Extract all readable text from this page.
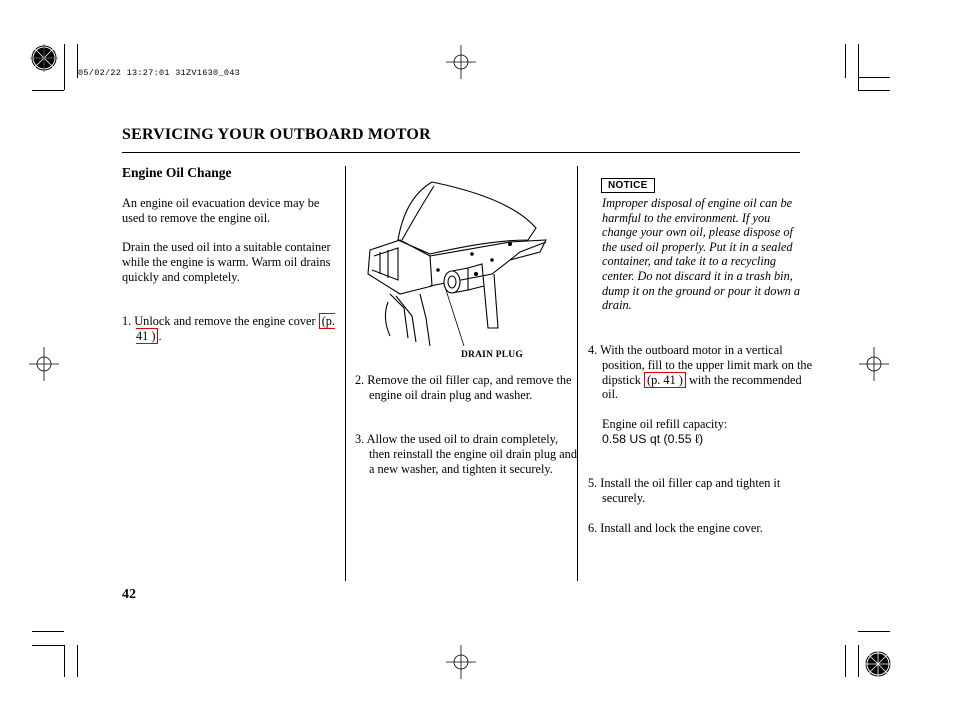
05/02/22 13:27:01 31ZV1630_043
SERVICING YOUR OUTBOARD MOTOR
Engine Oil Change
An engine oil evacuation device may be used to remove the engine oil.
Drain the used oil into a suitable container while the engine is warm. Warm oil drains quickly and completely.
1. Unlock and remove the engine cover (p. 41 ) .
DRAIN PLUG
2. Remove the oil filler cap, and remove the engine oil drain plug and washer.
3. Allow the used oil to drain completely, then reinstall the engine oil drain plug and a new washer, and tighten it securely.
NOTICE
Improper disposal of engine oil can be harmful to the environment. If you change your own oil, please dispose of the used oil properly. Put it in a sealed container, and take it to a recycling center. Do not discard it in a trash bin, dump it on the ground or pour it down a drain.
4. With the outboard motor in a vertical position, fill to the upper limit mark on the dipstick (p. 41 ) with the recommended oil.
Engine oil refill capacity:
0.58 US qt (0.55 ℓ)
5. Install the oil filler cap and tighten it securely.
6. Install and lock the engine cover.
42
